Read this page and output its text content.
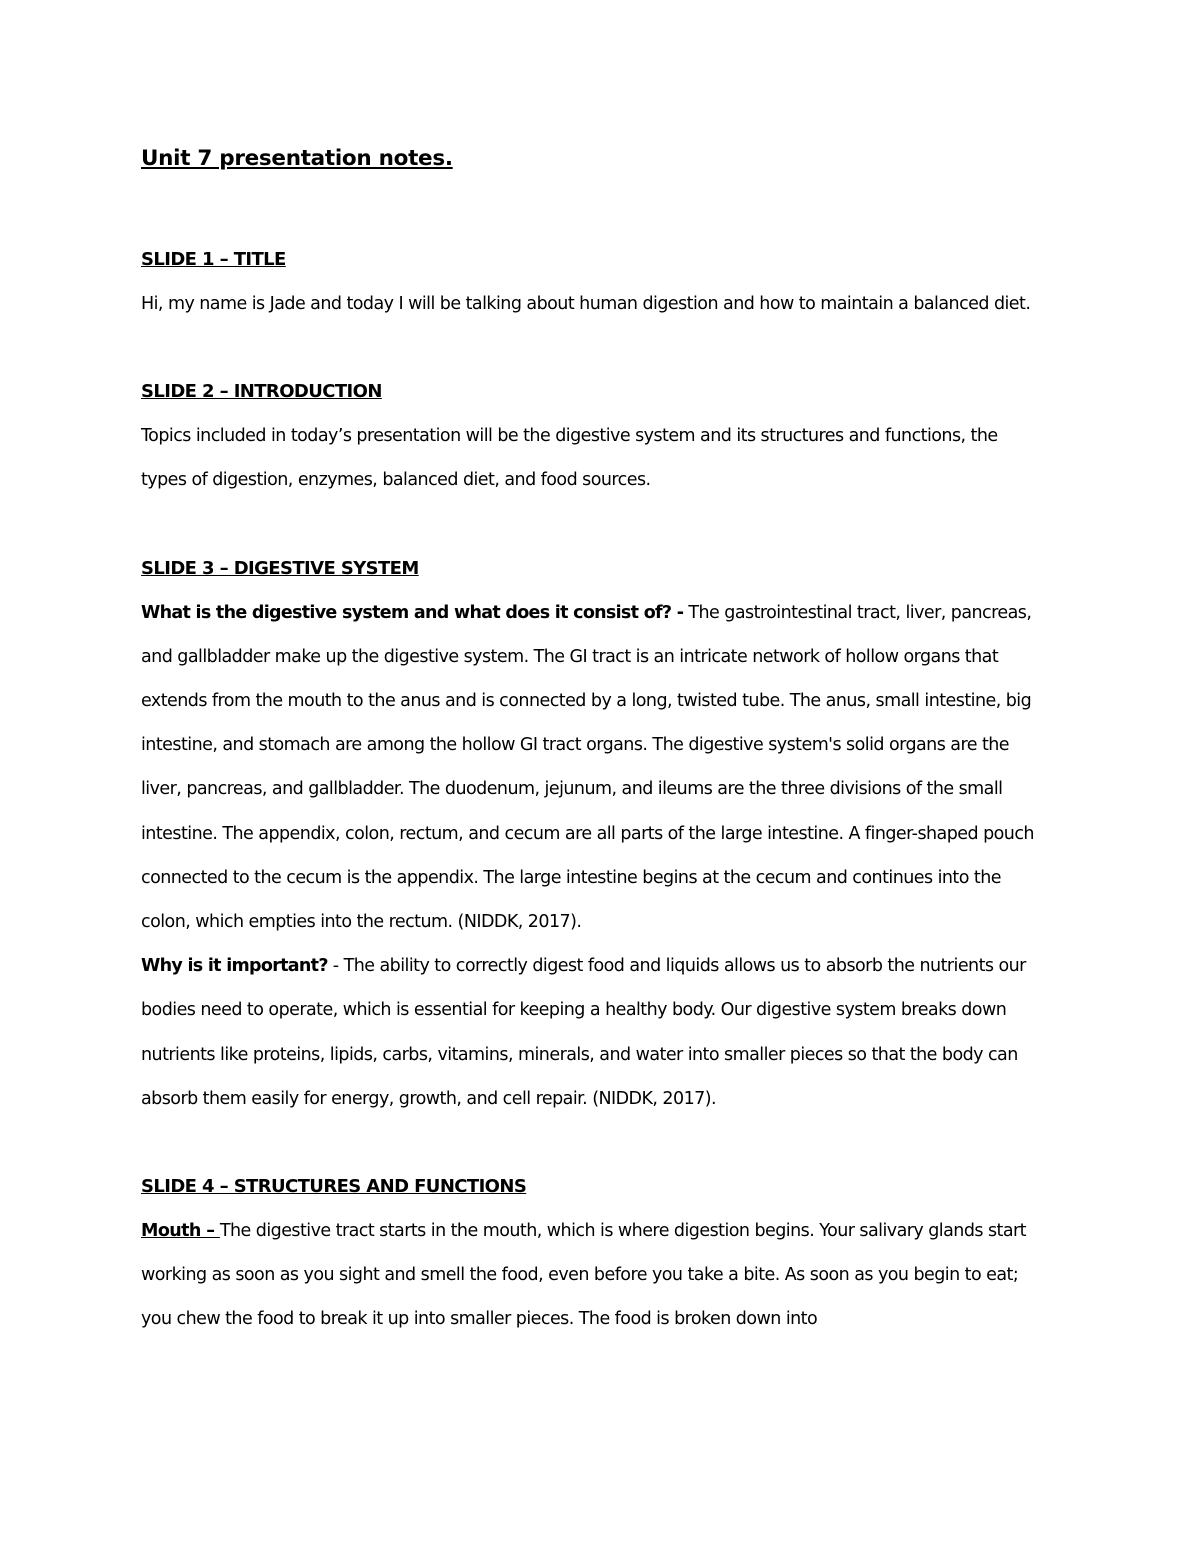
Unit 7 presentation notes.
SLIDE 1 – TITLE

Hi, my name is Jade and today I will be talking about human digestion and how to maintain a balanced diet.

SLIDE 2 – INTRODUCTION

Topics included in today’s presentation will be the digestive system and its structures and functions, the types of digestion, enzymes, balanced diet, and food sources.

SLIDE 3 – DIGESTIVE SYSTEM

What is the digestive system and what does it consist of? - The gastrointestinal tract, liver, pancreas, and gallbladder make up the digestive system. The GI tract is an intricate network of hollow organs that extends from the mouth to the anus and is connected by a long, twisted tube. The anus, small intestine, big intestine, and stomach are among the hollow GI tract organs. The digestive system's solid organs are the liver, pancreas, and gallbladder. The duodenum, jejunum, and ileums are the three divisions of the small intestine. The appendix, colon, rectum, and cecum are all parts of the large intestine. A finger-shaped pouch connected to the cecum is the appendix. The large intestine begins at the cecum and continues into the colon, which empties into the rectum. (NIDDK, 2017).

Why is it important? - The ability to correctly digest food and liquids allows us to absorb the nutrients our bodies need to operate, which is essential for keeping a healthy body. Our digestive system breaks down nutrients like proteins, lipids, carbs, vitamins, minerals, and water into smaller pieces so that the body can absorb them easily for energy, growth, and cell repair. (NIDDK, 2017).

SLIDE 4 – STRUCTURES AND FUNCTIONS

Mouth – The digestive tract starts in the mouth, which is where digestion begins. Your salivary glands start working as soon as you sight and smell the food, even before you take a bite. As soon as you begin to eat; you chew the food to break it up into smaller pieces. The food is broken down into
